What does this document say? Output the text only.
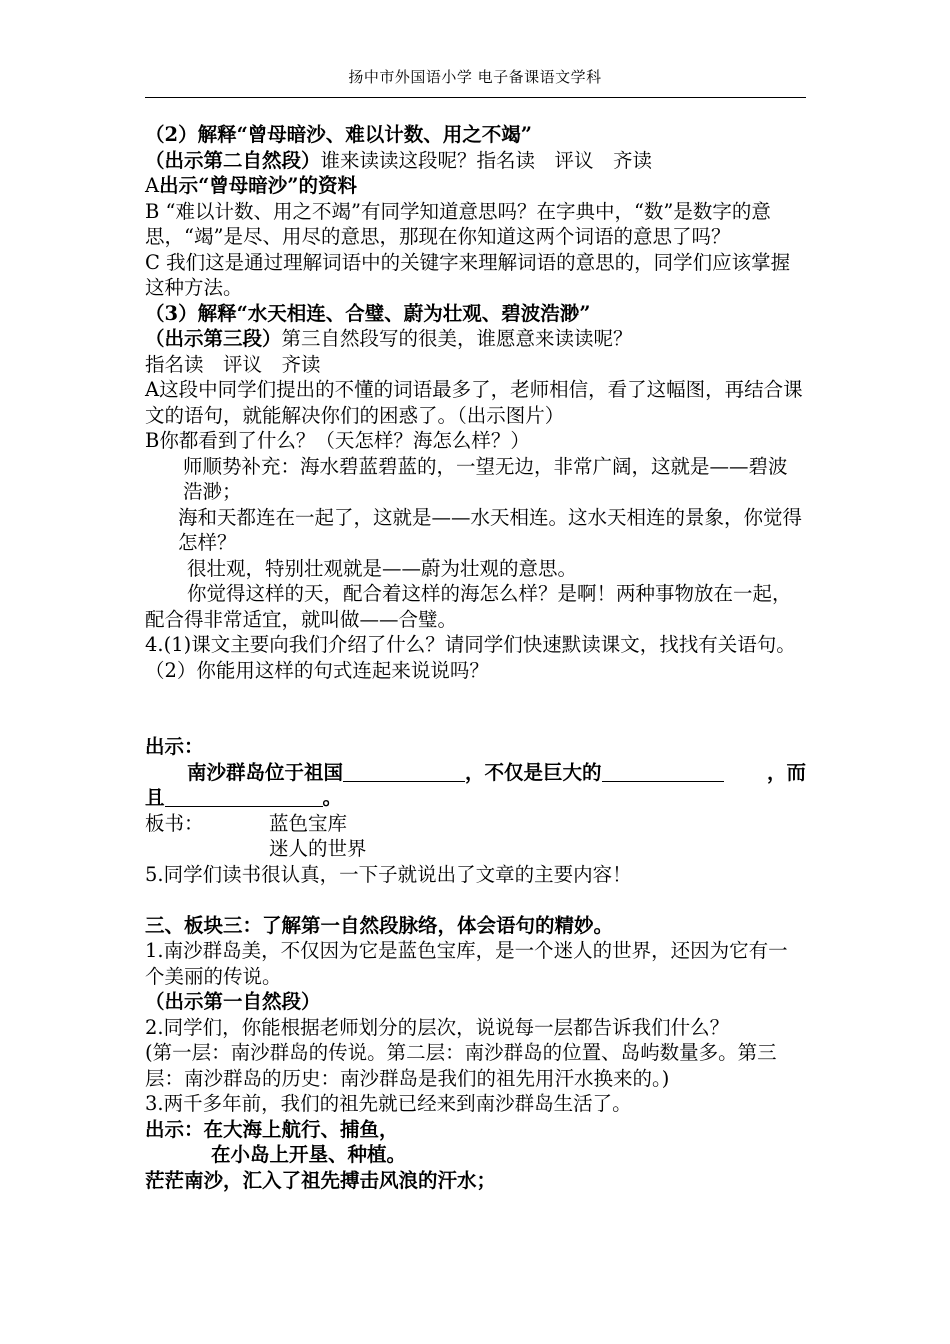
扬中市外国语小学 电子备课语文学科

（2）解释“曾母暗沙、难以计数、用之不竭”

（出示第二自然段）谁来读读这段呢？指名读　评议　齐读

A出示“曾母暗沙”的资料

B “难以计数、用之不竭”有同学知道意思吗？在字典中，“数”是数字的意思，“竭”是尽、用尽的意思，那现在你知道这两个词语的意思了吗？

C 我们这是通过理解词语中的关键字来理解词语的意思的，同学们应该掌握这种方法。

（3）解释“水天相连、合璧、蔚为壮观、碧波浩渺”

（出示第三段）第三自然段写的很美，谁愿意来读读呢？

指名读　评议　齐读

A这段中同学们提出的不懂的词语最多了，老师相信，看了这幅图，再结合课文的语句，就能解决你们的困惑了。（出示图片）

B你都看到了什么？（天怎样？海怎么样？）

师顺势补充：海水碧蓝碧蓝的，一望无边，非常广阔，这就是——碧波浩渺；

海和天都连在一起了，这就是——水天相连。这水天相连的景象，你觉得怎样？

很壮观，特别壮观就是——蔚为壮观的意思。

你觉得这样的天，配合着这样的海怎么样？是啊！两种事物放在一起，配合得非常适宜，就叫做——合璧。

4.(1)课文主要向我们介绍了什么？请同学们快速默读课文，找找有关语句。

（2）你能用这样的句式连起来说说吗？

出示：

南沙群岛位于祖国	，不仅是巨大的	，而

且	。

板书：	蓝色宝库

迷人的世界

5.同学们读书很认真，一下子就说出了文章的主要内容！

三、板块三：了解第一自然段脉络，体会语句的精妙。

1.南沙群岛美，不仅因为它是蓝色宝库，是一个迷人的世界，还因为它有一个美丽的传说。

（出示第一自然段）

2.同学们，你能根据老师划分的层次，说说每一层都告诉我们什么？

(第一层：南沙群岛的传说。第二层：南沙群岛的位置、岛屿数量多。第三层：南沙群岛的历史：南沙群岛是我们的祖先用汗水换来的。)

3.两千多年前，我们的祖先就已经来到南沙群岛生活了。

出示：在大海上航行、捕鱼，

在小岛上开垦、种植。

茫茫南沙，汇入了祖先搏击风浪的汗水；
